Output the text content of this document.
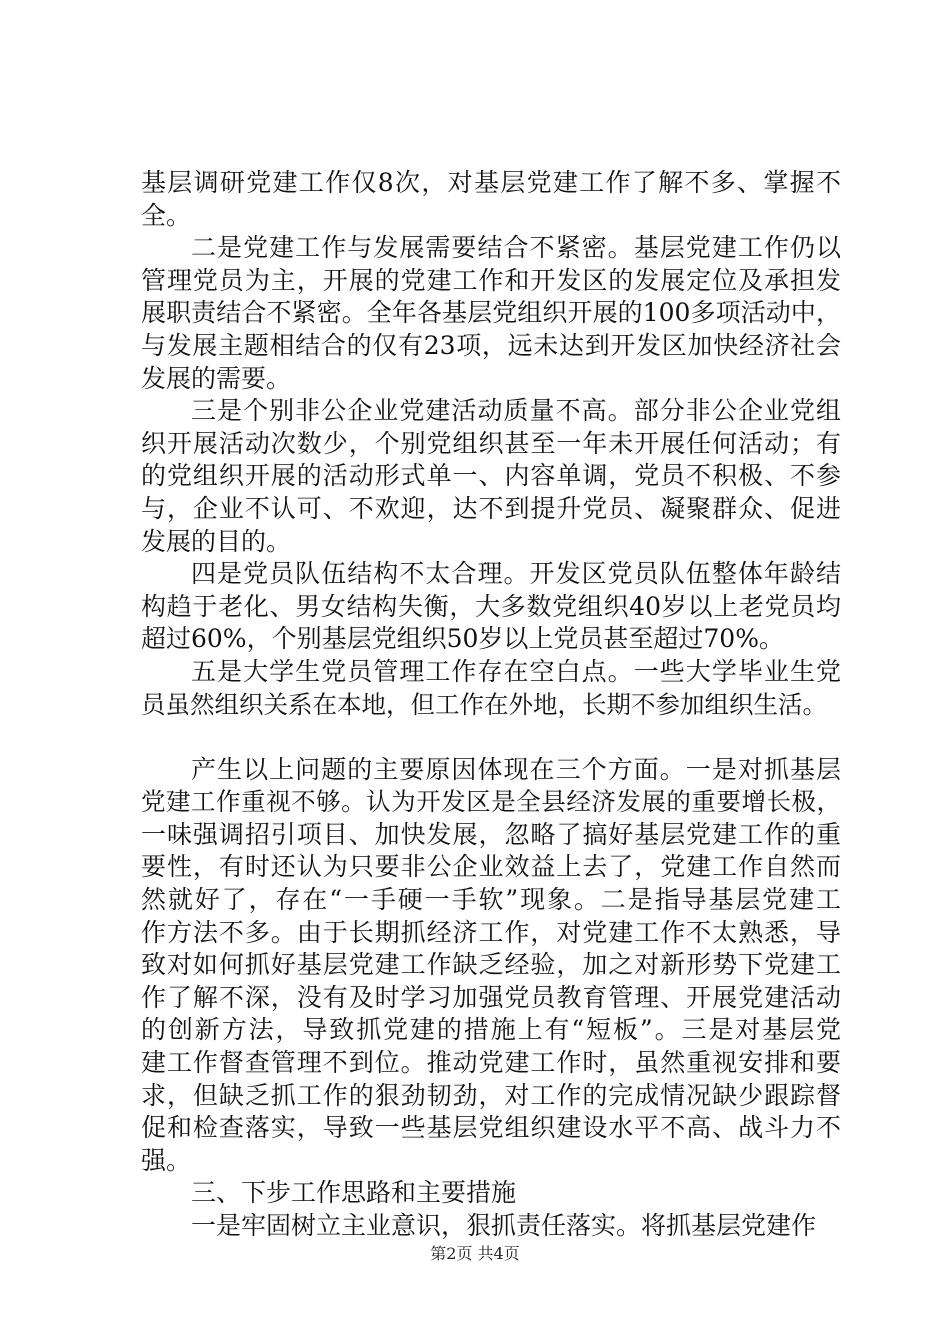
基层调研党建工作仅8次，对基层党建工作了解不多、掌握不
全。
二是党建工作与发展需要结合不紧密。基层党建工作仍以
管理党员为主，开展的党建工作和开发区的发展定位及承担发
展职责结合不紧密。全年各基层党组织开展的100多项活动中，
与发展主题相结合的仅有23项，远未达到开发区加快经济社会
发展的需要。
三是个别非公企业党建活动质量不高。部分非公企业党组
织开展活动次数少，个别党组织甚至一年未开展任何活动；有
的党组织开展的活动形式单一、内容单调，党员不积极、不参
与，企业不认可、不欢迎，达不到提升党员、凝聚群众、促进
发展的目的。
四是党员队伍结构不太合理。开发区党员队伍整体年龄结
构趋于老化、男女结构失衡，大多数党组织40岁以上老党员均
超过60%，个别基层党组织50岁以上党员甚至超过70%。
五是大学生党员管理工作存在空白点。一些大学毕业生党
员虽然组织关系在本地，但工作在外地，长期不参加组织生活。
产生以上问题的主要原因体现在三个方面。一是对抓基层
党建工作重视不够。认为开发区是全县经济发展的重要增长极，
一味强调招引项目、加快发展，忽略了搞好基层党建工作的重
要性，有时还认为只要非公企业效益上去了，党建工作自然而
然就好了，存在“一手硬一手软”现象。二是指导基层党建工
作方法不多。由于长期抓经济工作，对党建工作不太熟悉，导
致对如何抓好基层党建工作缺乏经验，加之对新形势下党建工
作了解不深，没有及时学习加强党员教育管理、开展党建活动
的创新方法，导致抓党建的措施上有“短板”。三是对基层党
建工作督查管理不到位。推动党建工作时，虽然重视安排和要
求，但缺乏抓工作的狠劲韧劲，对工作的完成情况缺少跟踪督
促和检查落实，导致一些基层党组织建设水平不高、战斗力不
强。
三、下步工作思路和主要措施
一是牢固树立主业意识，狠抓责任落实。将抓基层党建作
第2页 共4页
